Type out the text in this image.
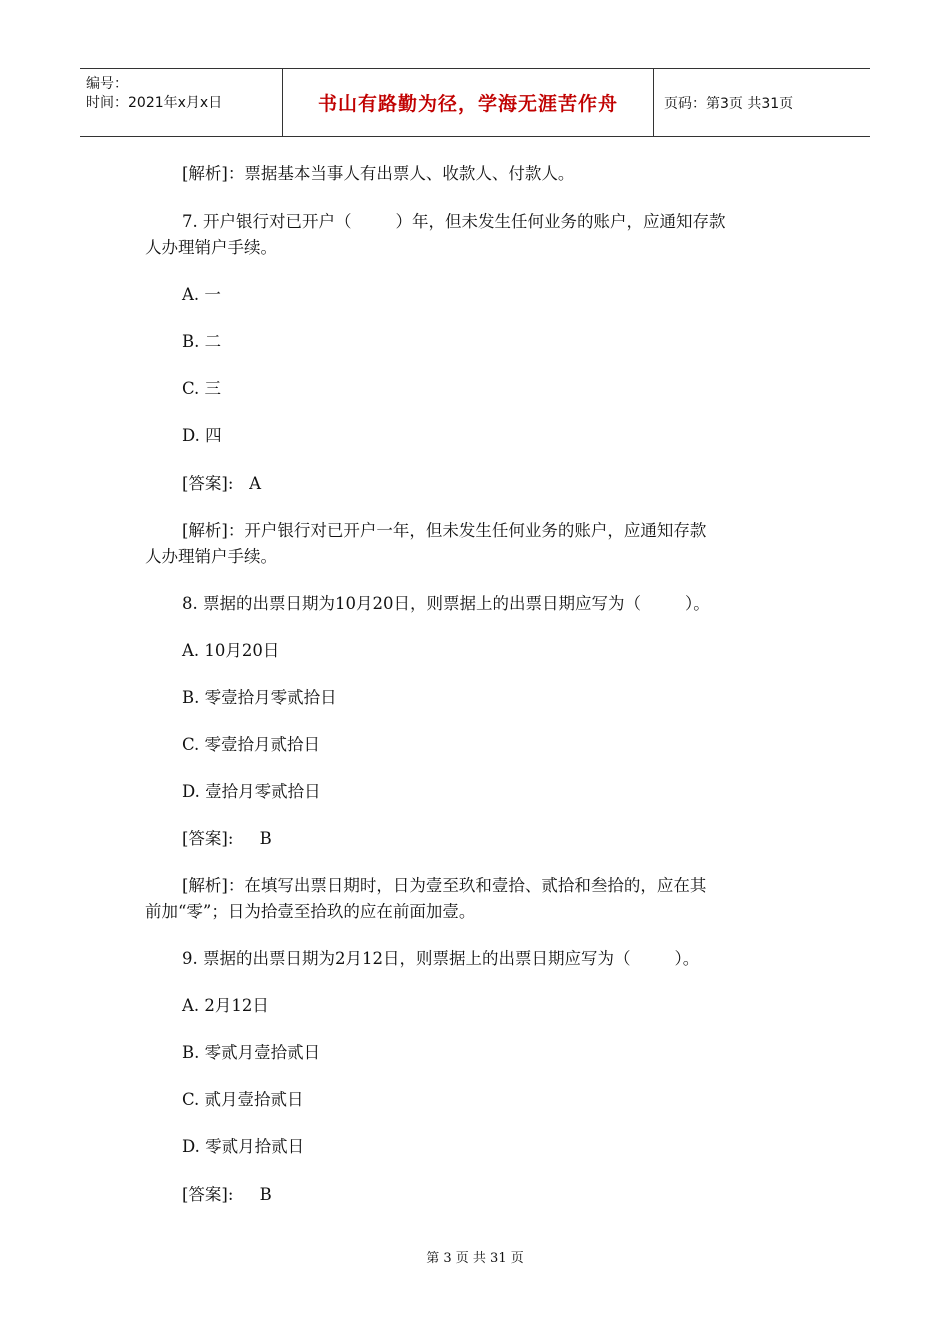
编号：
时间：2021年x月x日	书山有路勤为径，学海无涯苦作舟	页码：第3页 共31页
[解析]：票据基本当事人有出票人、收款人、付款人。
7. 开户银行对已开户（	）年，但未发生任何业务的账户，应通知存款
人办理销户手续。
A. 一
B. 二
C. 三
D. 四
[答案]:   A
[解析]：开户银行对已开户一年，但未发生任何业务的账户，应通知存款
人办理销户手续。
8. 票据的出票日期为10月20日，则票据上的出票日期应写为（	）。
A. 10月20日
B. 零壹拾月零贰拾日
C. 零壹拾月贰拾日
D. 壹拾月零贰拾日
[答案]:     B
[解析]：在填写出票日期时，日为壹至玖和壹拾、贰拾和叁拾的，应在其
前加“零”；日为拾壹至拾玖的应在前面加壹。
9. 票据的出票日期为2月12日，则票据上的出票日期应写为（	）。
A. 2月12日
B. 零贰月壹拾贰日
C. 贰月壹拾贰日
D. 零贰月拾贰日
[答案]:     B
第 3 页 共 31 页
